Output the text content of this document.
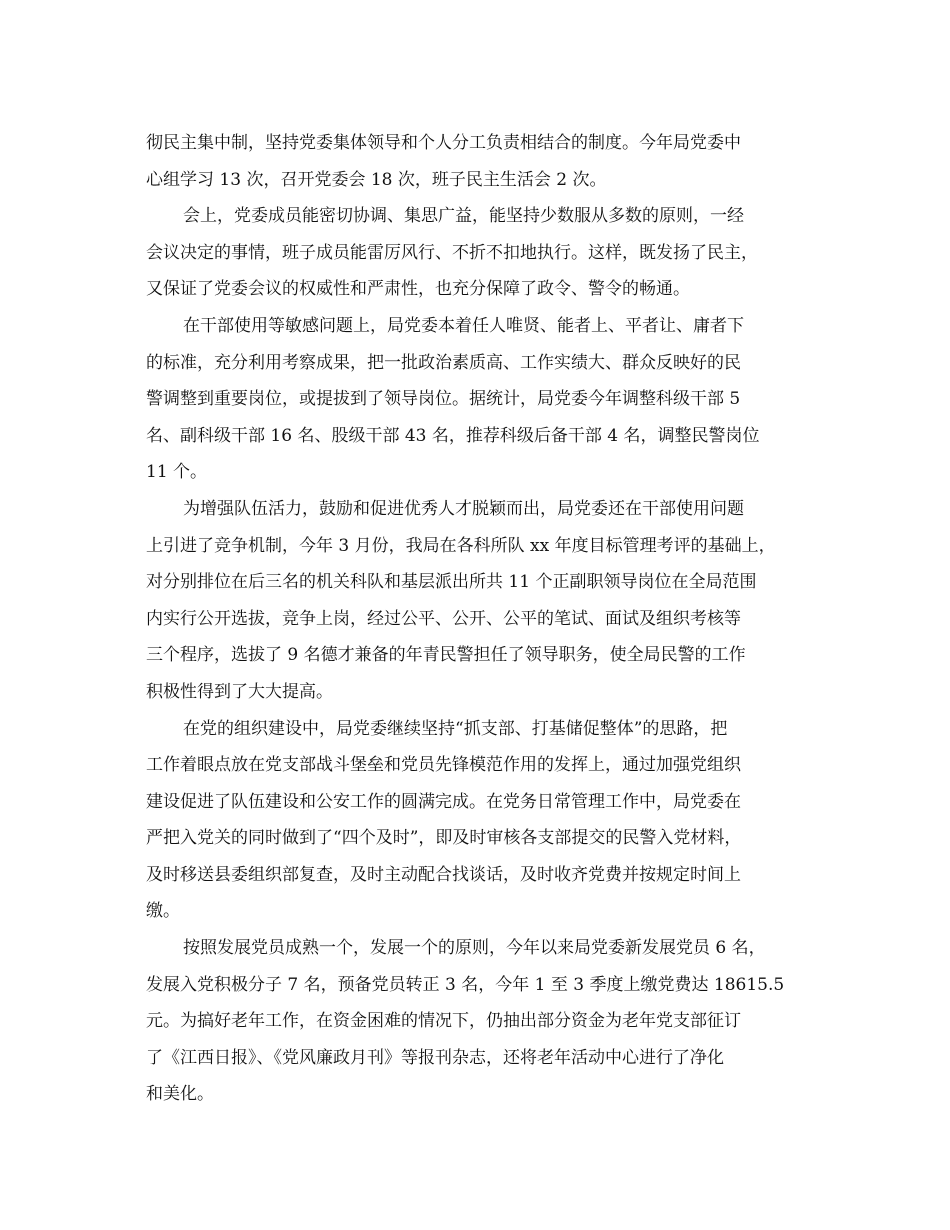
彻民主集中制，坚持党委集体领导和个人分工负责相结合的制度。今年局党委中
心组学习 13 次，召开党委会 18 次，班子民主生活会 2 次。
会上，党委成员能密切协调、集思广益，能坚持少数服从多数的原则，一经
会议决定的事情，班子成员能雷厉风行、不折不扣地执行。这样，既发扬了民主，
又保证了党委会议的权威性和严肃性，也充分保障了政令、警令的畅通。
在干部使用等敏感问题上，局党委本着任人唯贤、能者上、平者让、庸者下
的标准，充分利用考察成果，把一批政治素质高、工作实绩大、群众反映好的民
警调整到重要岗位，或提拔到了领导岗位。据统计，局党委今年调整科级干部 5
名、副科级干部 16 名、股级干部 43 名，推荐科级后备干部 4 名，调整民警岗位
11 个。
为增强队伍活力，鼓励和促进优秀人才脱颖而出，局党委还在干部使用问题
上引进了竞争机制，今年 3 月份，我局在各科所队 xx 年度目标管理考评的基础上，
对分别排位在后三名的机关科队和基层派出所共 11 个正副职领导岗位在全局范围
内实行公开选拔，竞争上岗，经过公平、公开、公平的笔试、面试及组织考核等
三个程序，选拔了 9 名德才兼备的年青民警担任了领导职务，使全局民警的工作
积极性得到了大大提高。
在党的组织建设中，局党委继续坚持“抓支部、打基储促整体”的思路，把
工作着眼点放在党支部战斗堡垒和党员先锋模范作用的发挥上，通过加强党组织
建设促进了队伍建设和公安工作的圆满完成。在党务日常管理工作中，局党委在
严把入党关的同时做到了“四个及时”，即及时审核各支部提交的民警入党材料，
及时移送县委组织部复查，及时主动配合找谈话，及时收齐党费并按规定时间上
缴。
按照发展党员成熟一个，发展一个的原则，今年以来局党委新发展党员 6 名，
发展入党积极分子 7 名，预备党员转正 3 名，今年 1 至 3 季度上缴党费达 18615.5
元。为搞好老年工作，在资金困难的情况下，仍抽出部分资金为老年党支部征订
了《江西日报》、《党风廉政月刊》等报刊杂志，还将老年活动中心进行了净化
和美化。
